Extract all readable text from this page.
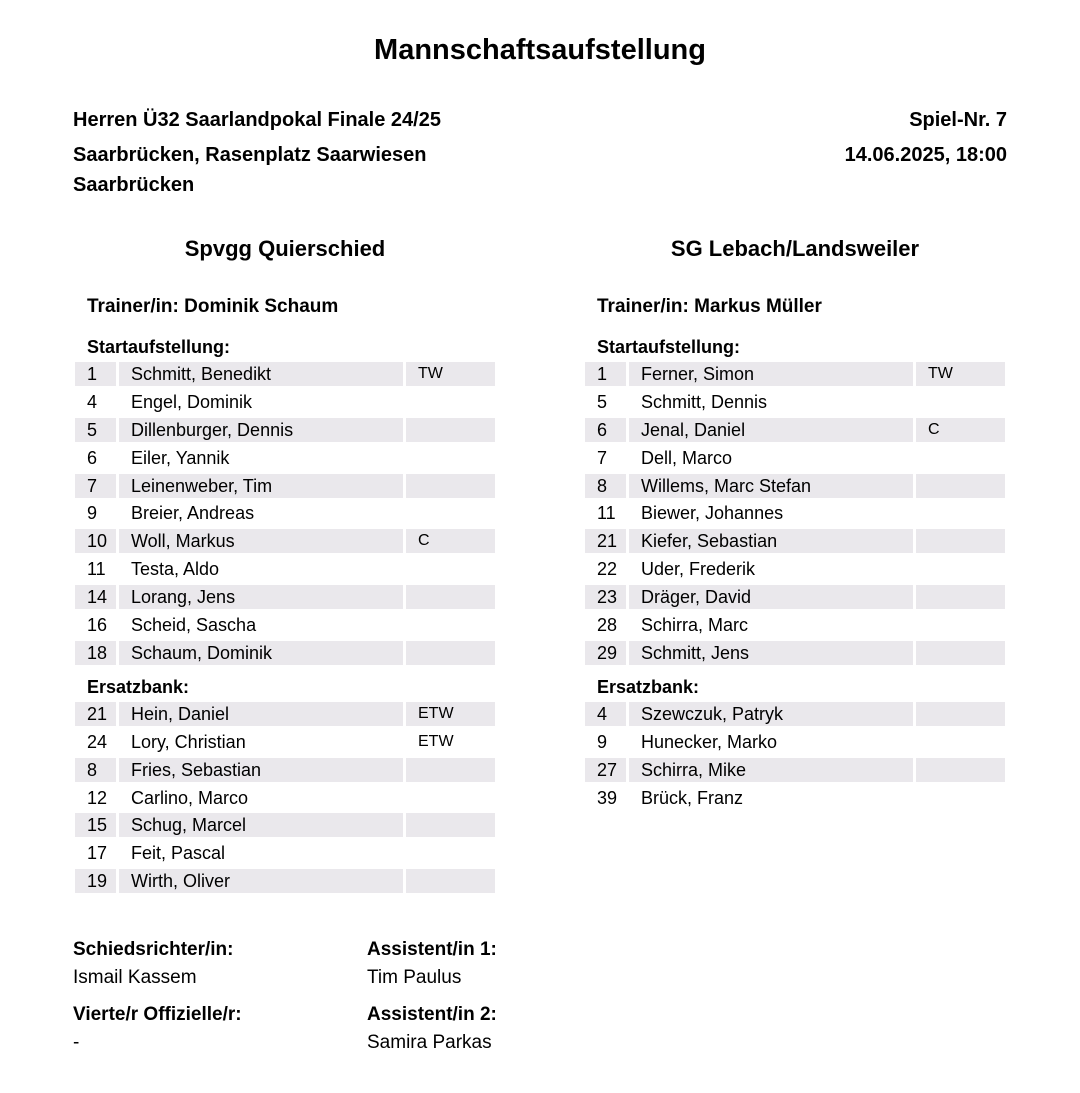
Mannschaftsaufstellung
Herren Ü32 Saarlandpokal Finale 24/25
Saarbrücken, Rasenplatz Saarwiesen Saarbrücken
Spiel-Nr. 7
14.06.2025, 18:00
Spvgg Quierschied
Trainer/in: Dominik Schaum
Startaufstellung:
1	Schmitt, Benedikt	TW
4	Engel, Dominik
5	Dillenburger, Dennis
6	Eiler, Yannik
7	Leinenweber, Tim
9	Breier, Andreas
10	Woll, Markus	C
11	Testa, Aldo
14	Lorang, Jens
16	Scheid, Sascha
18	Schaum, Dominik
Ersatzbank:
21	Hein, Daniel	ETW
24	Lory, Christian	ETW
8	Fries, Sebastian
12	Carlino, Marco
15	Schug, Marcel
17	Feit, Pascal
19	Wirth, Oliver
SG Lebach/Landsweiler
Trainer/in: Markus Müller
Startaufstellung:
1	Ferner, Simon	TW
5	Schmitt, Dennis
6	Jenal, Daniel	C
7	Dell, Marco
8	Willems, Marc Stefan
11	Biewer, Johannes
21	Kiefer, Sebastian
22	Uder, Frederik
23	Dräger, David
28	Schirra, Marc
29	Schmitt, Jens
Ersatzbank:
4	Szewczuk, Patryk
9	Hunecker, Marko
27	Schirra, Mike
39	Brück, Franz
Schiedsrichter/in:
Ismail Kassem
Assistent/in 1:
Tim Paulus
Vierte/r Offizielle/r:
-
Assistent/in 2:
Samira Parkas
